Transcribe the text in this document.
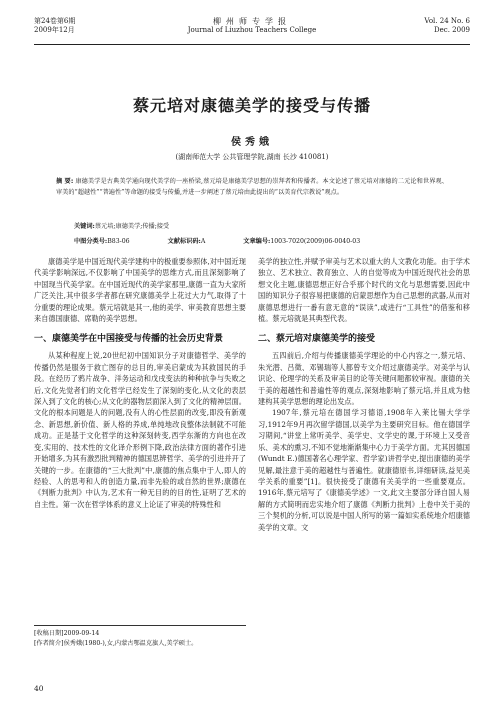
第24卷第6期
2009年12月
柳州师专学报
Journal of Liuzhou Teachers College
Vol. 24 No. 6
Dec. 2009
蔡元培对康德美学的接受与传播
侯秀娥
(湖南师范大学 公共管理学院,湖南 长沙 410081)
摘 要: 康德美学是古典美学通向现代美学的一座桥梁,蔡元培是康德美学思想的崇拜者和传播者。本文论述了蔡元培对康德的二元论和世界观、审美的“超越性”“普遍性”等命题的接受与传播,并进一步阐述了蔡元培由此提出的“以美育代宗教说”观点。
关键词:蔡元培;康德美学;传播;接受
中图分类号:B83-06	文献标识码:A	文章编号:1003-7020(2009)06-0040-03

康德美学是中国近现代美学建构中的极重要参照体,对中国近现代美学影响深远,不仅影响了中国美学的思维方式,而且深刻影响了中国现当代美学家。在中国近现代的美学家那里,康德一直为大家所广泛关注,其中很多学者都在研究康德美学上花过大力气,取得了十分重要的理论成果。蔡元培就是其一,他的美学、审美教育思想主要来自德国康德、席勒的美学思想。

一、康德美学在中国接受与传播的社会历史背景

从某种程度上说,20世纪初中国知识分子对康德哲学、美学的传播仍然是服务于救亡图存的总目的,审美启蒙成为其救国民的手段。在经历了鸦片战争、洋务运动和戊戌变法的种种抗争与失败之后,文化先觉者们的文化哲学已经发生了深刻的变化,从文化的表层深入到了文化的核心;从文化的器物层面深入到了文化的精神层面。文化的根本问题是人的问题,没有人的心性层面的改变,即没有新观念、新思想,新价值、新人格的养成,单纯地改良整体法制就不可能成功。正是基于文化哲学的这种深刻转变,西学东渐的方向也在改变,实用的、技术性的文化译介形例下降,政治法律方面的著作引进开始增多,为其有激烈批判精神的德国思辨哲学、美学的引进并开了关键的一步。在康德的“三大批判”中,康德的焦点集中于人,即人的经验、人的思考和人的创造力量,而非先验的或自然的世界;康德在《判断力批判》中认为,艺术有一种无目的的目的性,证明了艺术的自主性。第一次在哲学体系的意义上论证了审美的特殊性和

美学的独立性,并赋予审美与艺术以重大的人文教化功能。由于学术独立、艺术独立、教育独立、人的自觉等成为中国近现代社会的思想文化主题,康德思想正好合乎那个时代的文化与思想需要,因此中国的知识分子很容易把康德的启蒙思想作为自己思想的武器,从而对康德思想进行一番有意无意的“误读”,或进行“工具性”的借鉴和移植。蔡元培就是其典型代表。

二、蔡元培对康德美学的接受

五四前后,介绍与传播康德美学理论的中心内容之一,蔡元培、朱光潜、吕徵、邓锡瑞等人都曾专文介绍过康德美学。对美学与认识论、伦理学的关系及审美目的论等关键问题都较审视。康德的关于美的超越性和普遍性等的观点,深刻地影响了蔡元培,并且成为他建构其美学思想的理论出发点。

1907年,蔡元培在德国学习德语,1908年入莱比锡大学学习,1912年9月再次留学德国,以美学为主要研究目标。他在德国学习期间,“讲堂上常听美学、美学史、文学史的课,于环境上又受音乐、美术的熏习,不知不觉地渐渐集中心力于美学方面。尤其因德国(Wundt E.)德国著名心理学家、哲学家)讲哲学史,提出康德的美学见解,最注意于美的超越性与普遍性。就康德原书,详细研读,益见美学关系的重要”[1]。很快接受了康德有关美学的一些重要观点。1916年,蔡元培写了《康德美学述》一文,此文主要部分译自国人易解的方式简明而忠实地介绍了康德《判断力批判》上卷中关于美的三个契机的分析,可以说是中国人所写的第一篇如实系统地介绍康德美学的文章。文

[收稿日期]2009-09-14
[作者简介]侯秀娥(1980-),女,内蒙古鄂温克旗人,美学硕士。
40
